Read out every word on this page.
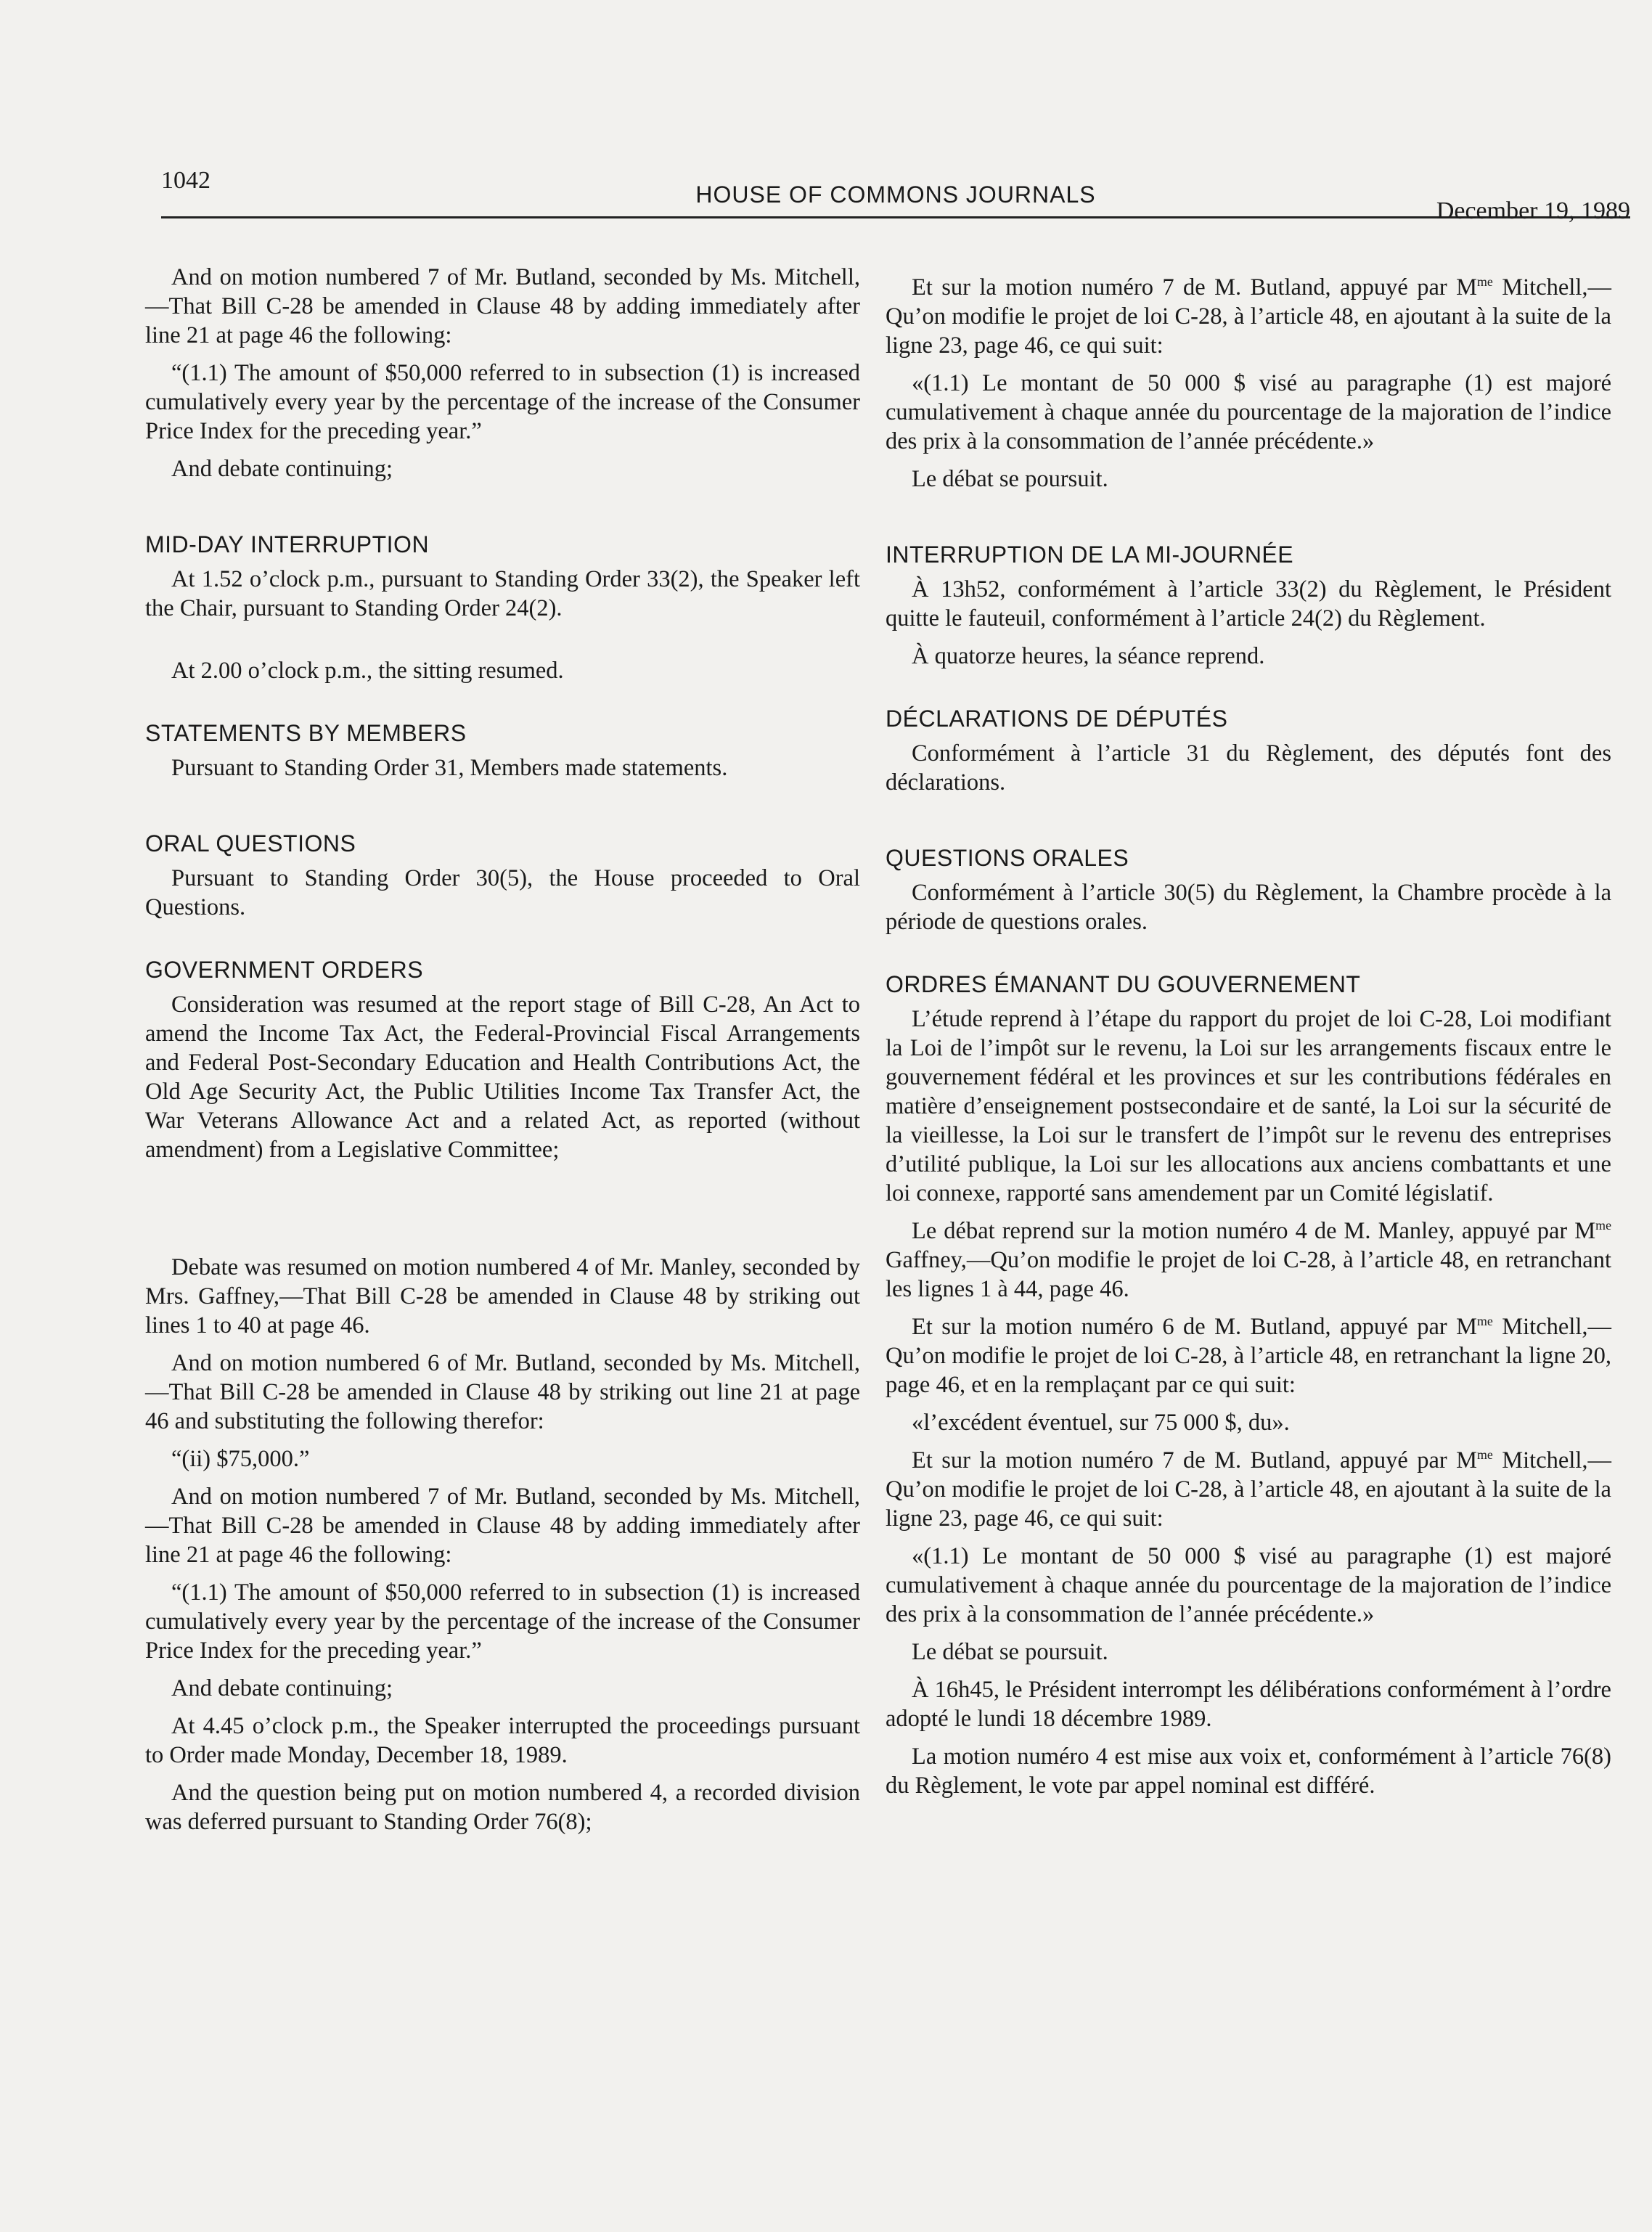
1042
HOUSE OF COMMONS JOURNALS
December 19, 1989

And on motion numbered 7 of Mr. Butland, seconded by Ms. Mitchell,—That Bill C-28 be amended in Clause 48 by adding immediately after line 21 at page 46 the following:

“(1.1) The amount of $50,000 referred to in subsection (1) is increased cumulatively every year by the percentage of the increase of the Consumer Price Index for the preceding year.”

And debate continuing;

MID-DAY INTERRUPTION

At 1.52 o’clock p.m., pursuant to Standing Order 33(2), the Speaker left the Chair, pursuant to Standing Order 24(2).

At 2.00 o’clock p.m., the sitting resumed.

STATEMENTS BY MEMBERS

Pursuant to Standing Order 31, Members made statements.

ORAL QUESTIONS

Pursuant to Standing Order 30(5), the House proceeded to Oral Questions.

GOVERNMENT ORDERS

Consideration was resumed at the report stage of Bill C-28, An Act to amend the Income Tax Act, the Federal-Provincial Fiscal Arrangements and Federal Post-Secondary Education and Health Contributions Act, the Old Age Security Act, the Public Utilities Income Tax Transfer Act, the War Veterans Allowance Act and a related Act, as reported (without amendment) from a Legislative Committee;

Debate was resumed on motion numbered 4 of Mr. Manley, seconded by Mrs. Gaffney,—That Bill C-28 be amended in Clause 48 by striking out lines 1 to 40 at page 46.

And on motion numbered 6 of Mr. Butland, seconded by Ms. Mitchell,—That Bill C-28 be amended in Clause 48 by striking out line 21 at page 46 and substituting the following therefor:

“(ii) $75,000.”

And on motion numbered 7 of Mr. Butland, seconded by Ms. Mitchell,—That Bill C-28 be amended in Clause 48 by adding immediately after line 21 at page 46 the following:

“(1.1) The amount of $50,000 referred to in subsection (1) is increased cumulatively every year by the percentage of the increase of the Consumer Price Index for the preceding year.”

And debate continuing;

At 4.45 o’clock p.m., the Speaker interrupted the proceedings pursuant to Order made Monday, December 18, 1989.

And the question being put on motion numbered 4, a recorded division was deferred pursuant to Standing Order 76(8);

Et sur la motion numéro 7 de M. Butland, appuyé par $M^{me}$ Mitchell,—Qu’on modifie le projet de loi C-28, à l’article 48, en ajoutant à la suite de la ligne 23, page 46, ce qui suit:

«(1.1) Le montant de 50 000 $ visé au paragraphe (1) est majoré cumulativement à chaque année du pourcentage de la majoration de l’indice des prix à la consommation de l’année précédente.»

Le débat se poursuit.

INTERRUPTION DE LA MI-JOURNÉE

À 13h52, conformément à l’article 33(2) du Règlement, le Président quitte le fauteuil, conformément à l’article 24(2) du Règlement.

À quatorze heures, la séance reprend.

DÉCLARATIONS DE DÉPUTÉS

Conformément à l’article 31 du Règlement, des députés font des déclarations.

QUESTIONS ORALES

Conformément à l’article 30(5) du Règlement, la Chambre procède à la période de questions orales.

ORDRES ÉMANANT DU GOUVERNEMENT

L’étude reprend à l’étape du rapport du projet de loi C-28, Loi modifiant la Loi de l’impôt sur le revenu, la Loi sur les arrangements fiscaux entre le gouvernement fédéral et les provinces et sur les contributions fédérales en matière d’enseignement postsecondaire et de santé, la Loi sur la sécurité de la vieillesse, la Loi sur le transfert de l’impôt sur le revenu des entreprises d’utilité publique, la Loi sur les allocations aux anciens combattants et une loi connexe, rapporté sans amendement par un Comité législatif.

Le débat reprend sur la motion numéro 4 de M. Manley, appuyé par $M^{me}$ Gaffney,—Qu’on modifie le projet de loi C-28, à l’article 48, en retranchant les lignes 1 à 44, page 46.

Et sur la motion numéro 6 de M. Butland, appuyé par $M^{me}$ Mitchell,—Qu’on modifie le projet de loi C-28, à l’article 48, en retranchant la ligne 20, page 46, et en la remplaçant par ce qui suit:

«l’excédent éventuel, sur 75 000 $, du».

Et sur la motion numéro 7 de M. Butland, appuyé par $M^{me}$ Mitchell,—Qu’on modifie le projet de loi C-28, à l’article 48, en ajoutant à la suite de la ligne 23, page 46, ce qui suit:

«(1.1) Le montant de 50 000 $ visé au paragraphe (1) est majoré cumulativement à chaque année du pourcentage de la majoration de l’indice des prix à la consommation de l’année précédente.»

Le débat se poursuit.

À 16h45, le Président interrompt les délibérations conformément à l’ordre adopté le lundi 18 décembre 1989.

La motion numéro 4 est mise aux voix et, conformément à l’article 76(8) du Règlement, le vote par appel nominal est différé.
